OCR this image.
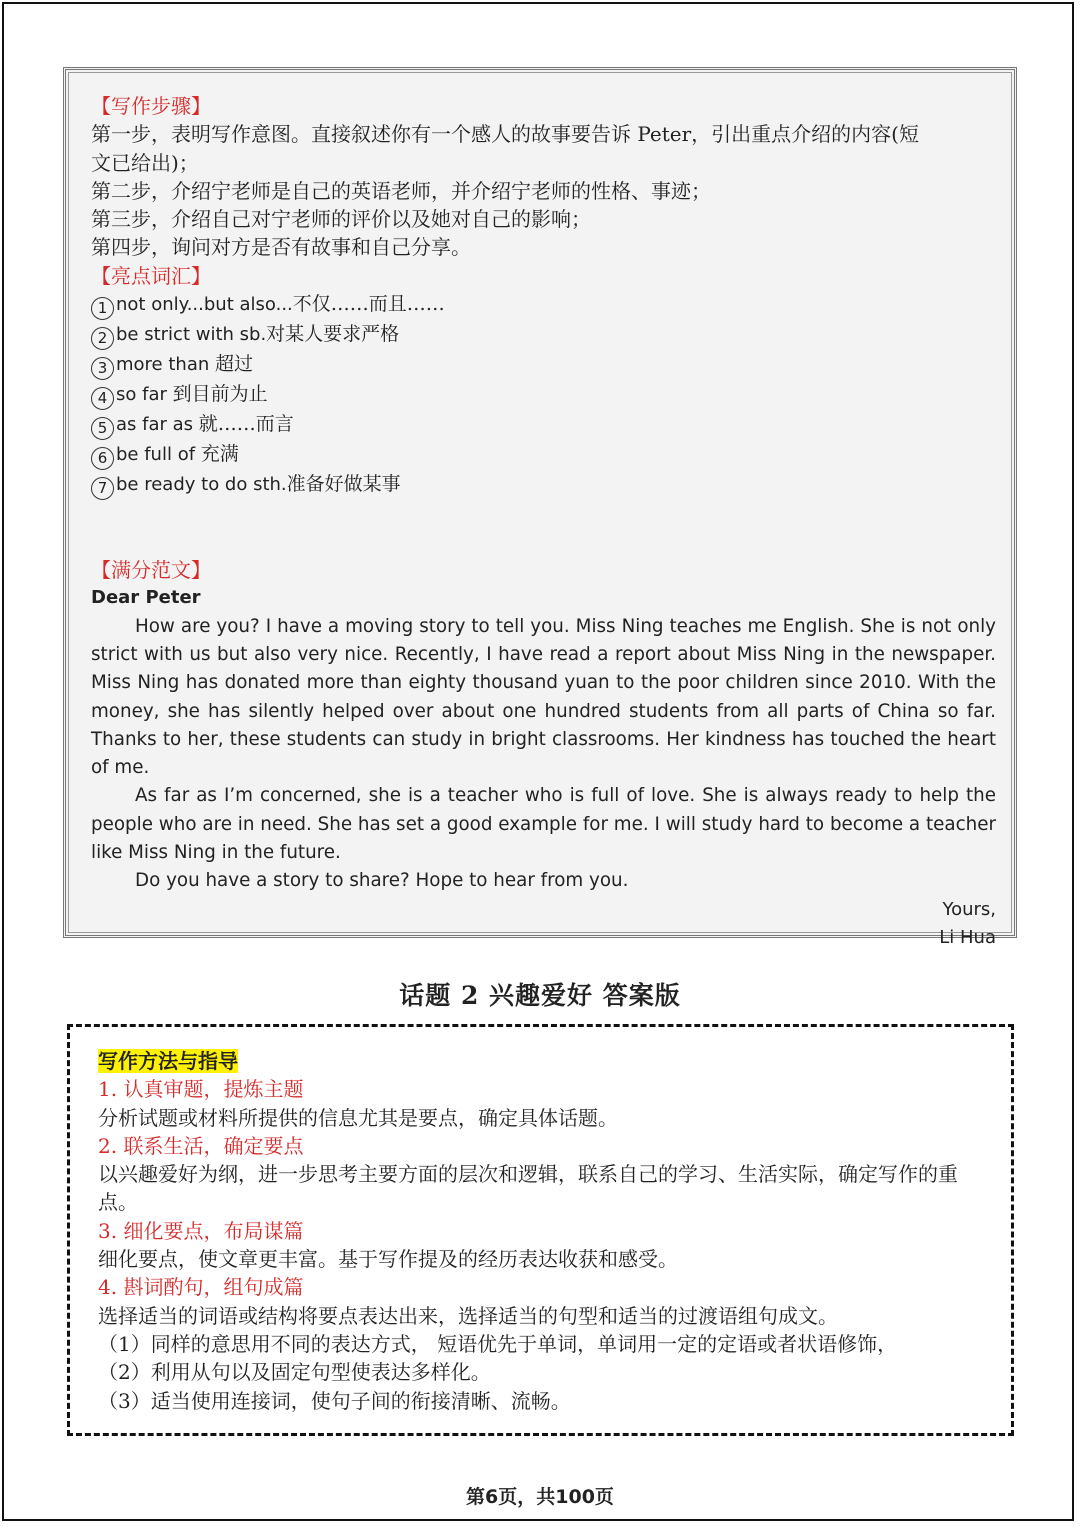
【写作步骤】

第一步，表明写作意图。直接叙述你有一个感人的故事要告诉 Peter，引出重点介绍的内容(短

文已给出)；

第二步，介绍宁老师是自己的英语老师，并介绍宁老师的性格、事迹；

第三步，介绍自己对宁老师的评价以及她对自己的影响；

第四步，询问对方是否有故事和自己分享。

【亮点词汇】

1 not only...but also...不仅……而且……

2 be strict with sb.对某人要求严格

3 more than 超过

4 so far 到目前为止

5 as far as 就……而言

6 be full of 充满

7 be ready to do sth.准备好做某事

【满分范文】

Dear Peter

How are you? I have a moving story to tell you. Miss Ning teaches me English. She is not only strict with us but also very nice. Recently, I have read a report about Miss Ning in the newspaper. Miss Ning has donated more than eighty thousand yuan to the poor children since 2010. With the money, she has silently helped over about one hundred students from all parts of China so far. Thanks to her, these students can study in bright classrooms. Her kindness has touched the heart of me.

As far as I’m concerned, she is a teacher who is full of love. She is always ready to help the people who are in need. She has set a good example for me. I will study hard to become a teacher like Miss Ning in the future.

Do you have a story to share? Hope to hear from you.

Yours,

Li Hua

话题 2 兴趣爱好 答案版

写作方法与指导

1. 认真审题，提炼主题

分析试题或材料所提供的信息尤其是要点，确定具体话题。

2. 联系生活，确定要点

以兴趣爱好为纲，进一步思考主要方面的层次和逻辑，联系自己的学习、生活实际，确定写作的重点。

3. 细化要点，布局谋篇

细化要点，使文章更丰富。基于写作提及的经历表达收获和感受。

4. 斟词酌句，组句成篇

选择适当的词语或结构将要点表达出来，选择适当的句型和适当的过渡语组句成文。

（1）同样的意思用不同的表达方式， 短语优先于单词，单词用一定的定语或者状语修饰，

（2）利用从句以及固定句型使表达多样化。

（3）适当使用连接词，使句子间的衔接清晰、流畅。

第6页，共100页
